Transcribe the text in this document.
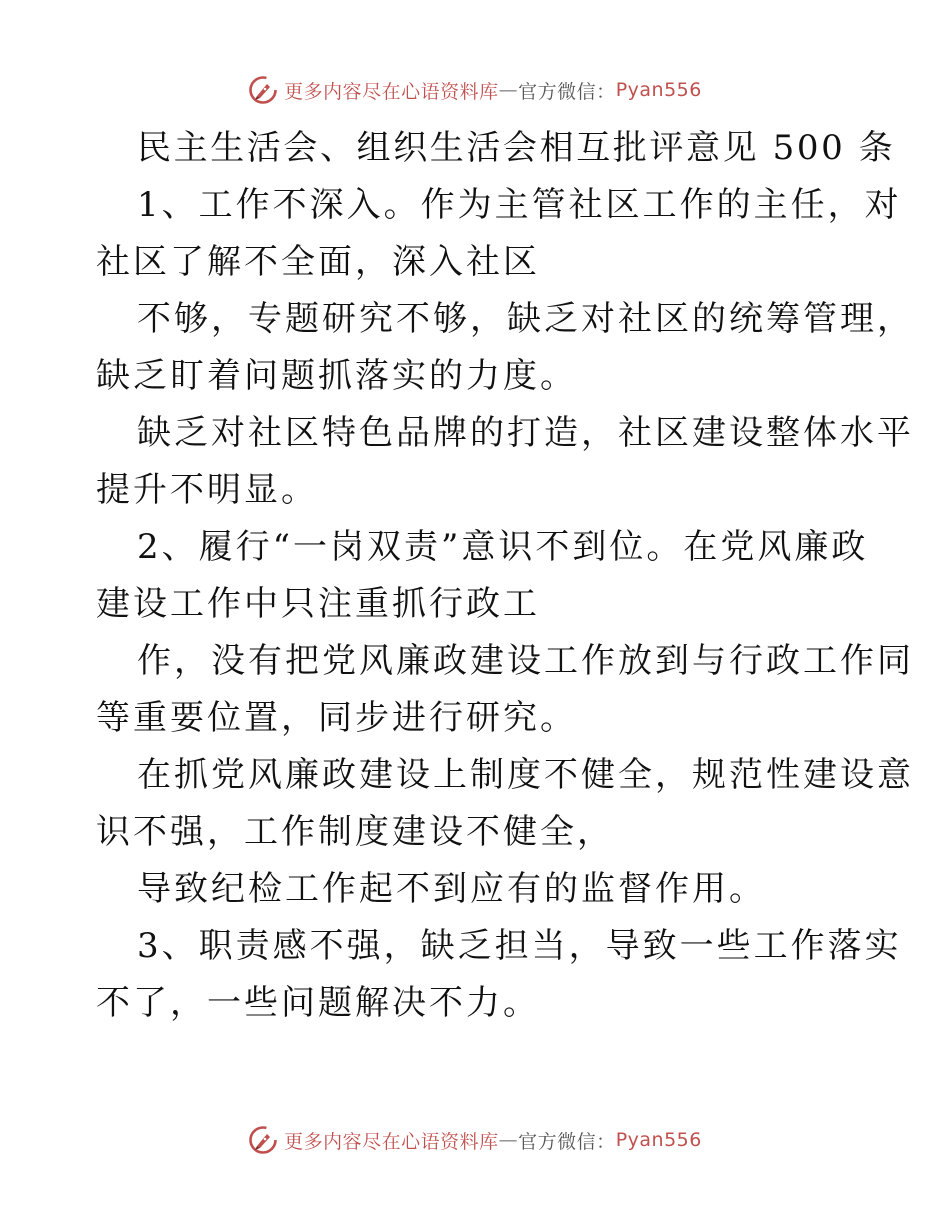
更多内容尽在心语资料库 — 官方微信： Pyan556
民主生活会、组织生活会相互批评意见 500 条
1、工作不深入。作为主管社区工作的主任，对
社区了解不全面，深入社区
不够，专题研究不够，缺乏对社区的统筹管理，
缺乏盯着问题抓落实的力度。
缺乏对社区特色品牌的打造，社区建设整体水平
提升不明显。
2、履行“一岗双责”意识不到位。在党风廉政
建设工作中只注重抓行政工
作，没有把党风廉政建设工作放到与行政工作同
等重要位置，同步进行研究。
在抓党风廉政建设上制度不健全，规范性建设意
识不强，工作制度建设不健全，
导致纪检工作起不到应有的监督作用。
3、职责感不强，缺乏担当，导致一些工作落实
不了，一些问题解决不力。
更多内容尽在心语资料库 — 官方微信： Pyan556
